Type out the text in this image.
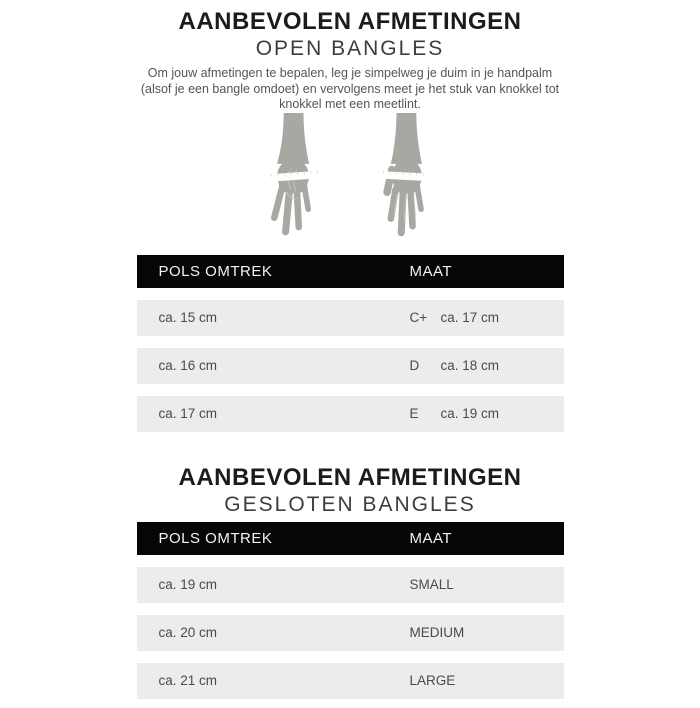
AANBEVOLEN AFMETINGEN
OPEN BANGLES
Om jouw afmetingen te bepalen, leg je simpelweg je duim in je handpalm
(alsof je een bangle omdoet) en vervolgens meet je het stuk van knokkel tot
knokkel met een meetlint.
POLS OMTREK	MAAT
ca. 15 cm	C+ ca. 17 cm
ca. 16 cm	D	ca. 18 cm
ca. 17 cm	E	ca. 19 cm
AANBEVOLEN AFMETINGEN
GESLOTEN BANGLES
POLS OMTREK	MAAT
ca. 19 cm	SMALL
ca. 20 cm	MEDIUM
ca. 21 cm	LARGE
